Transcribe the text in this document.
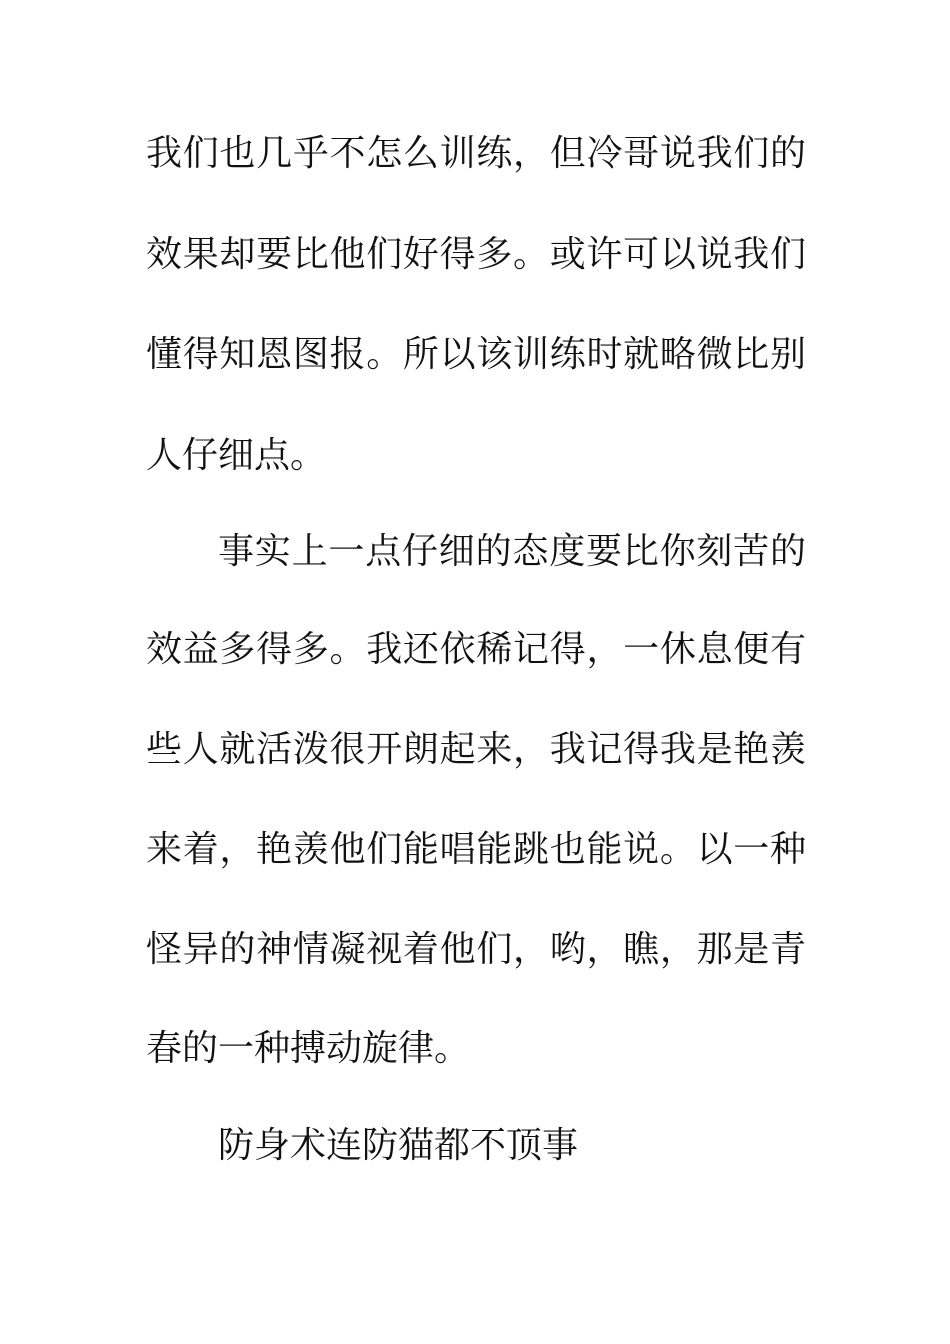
我们也几乎不怎么训练，但冷哥说我们的
效果却要比他们好得多。或许可以说我们
懂得知恩图报。所以该训练时就略微比别
人仔细点。
事实上一点仔细的态度要比你刻苦的
效益多得多。我还依稀记得，一休息便有
些人就活泼很开朗起来，我记得我是艳羡
来着，艳羡他们能唱能跳也能说。以一种
怪异的神情凝视着他们，哟，瞧，那是青
春的一种搏动旋律。
防身术连防猫都不顶事
